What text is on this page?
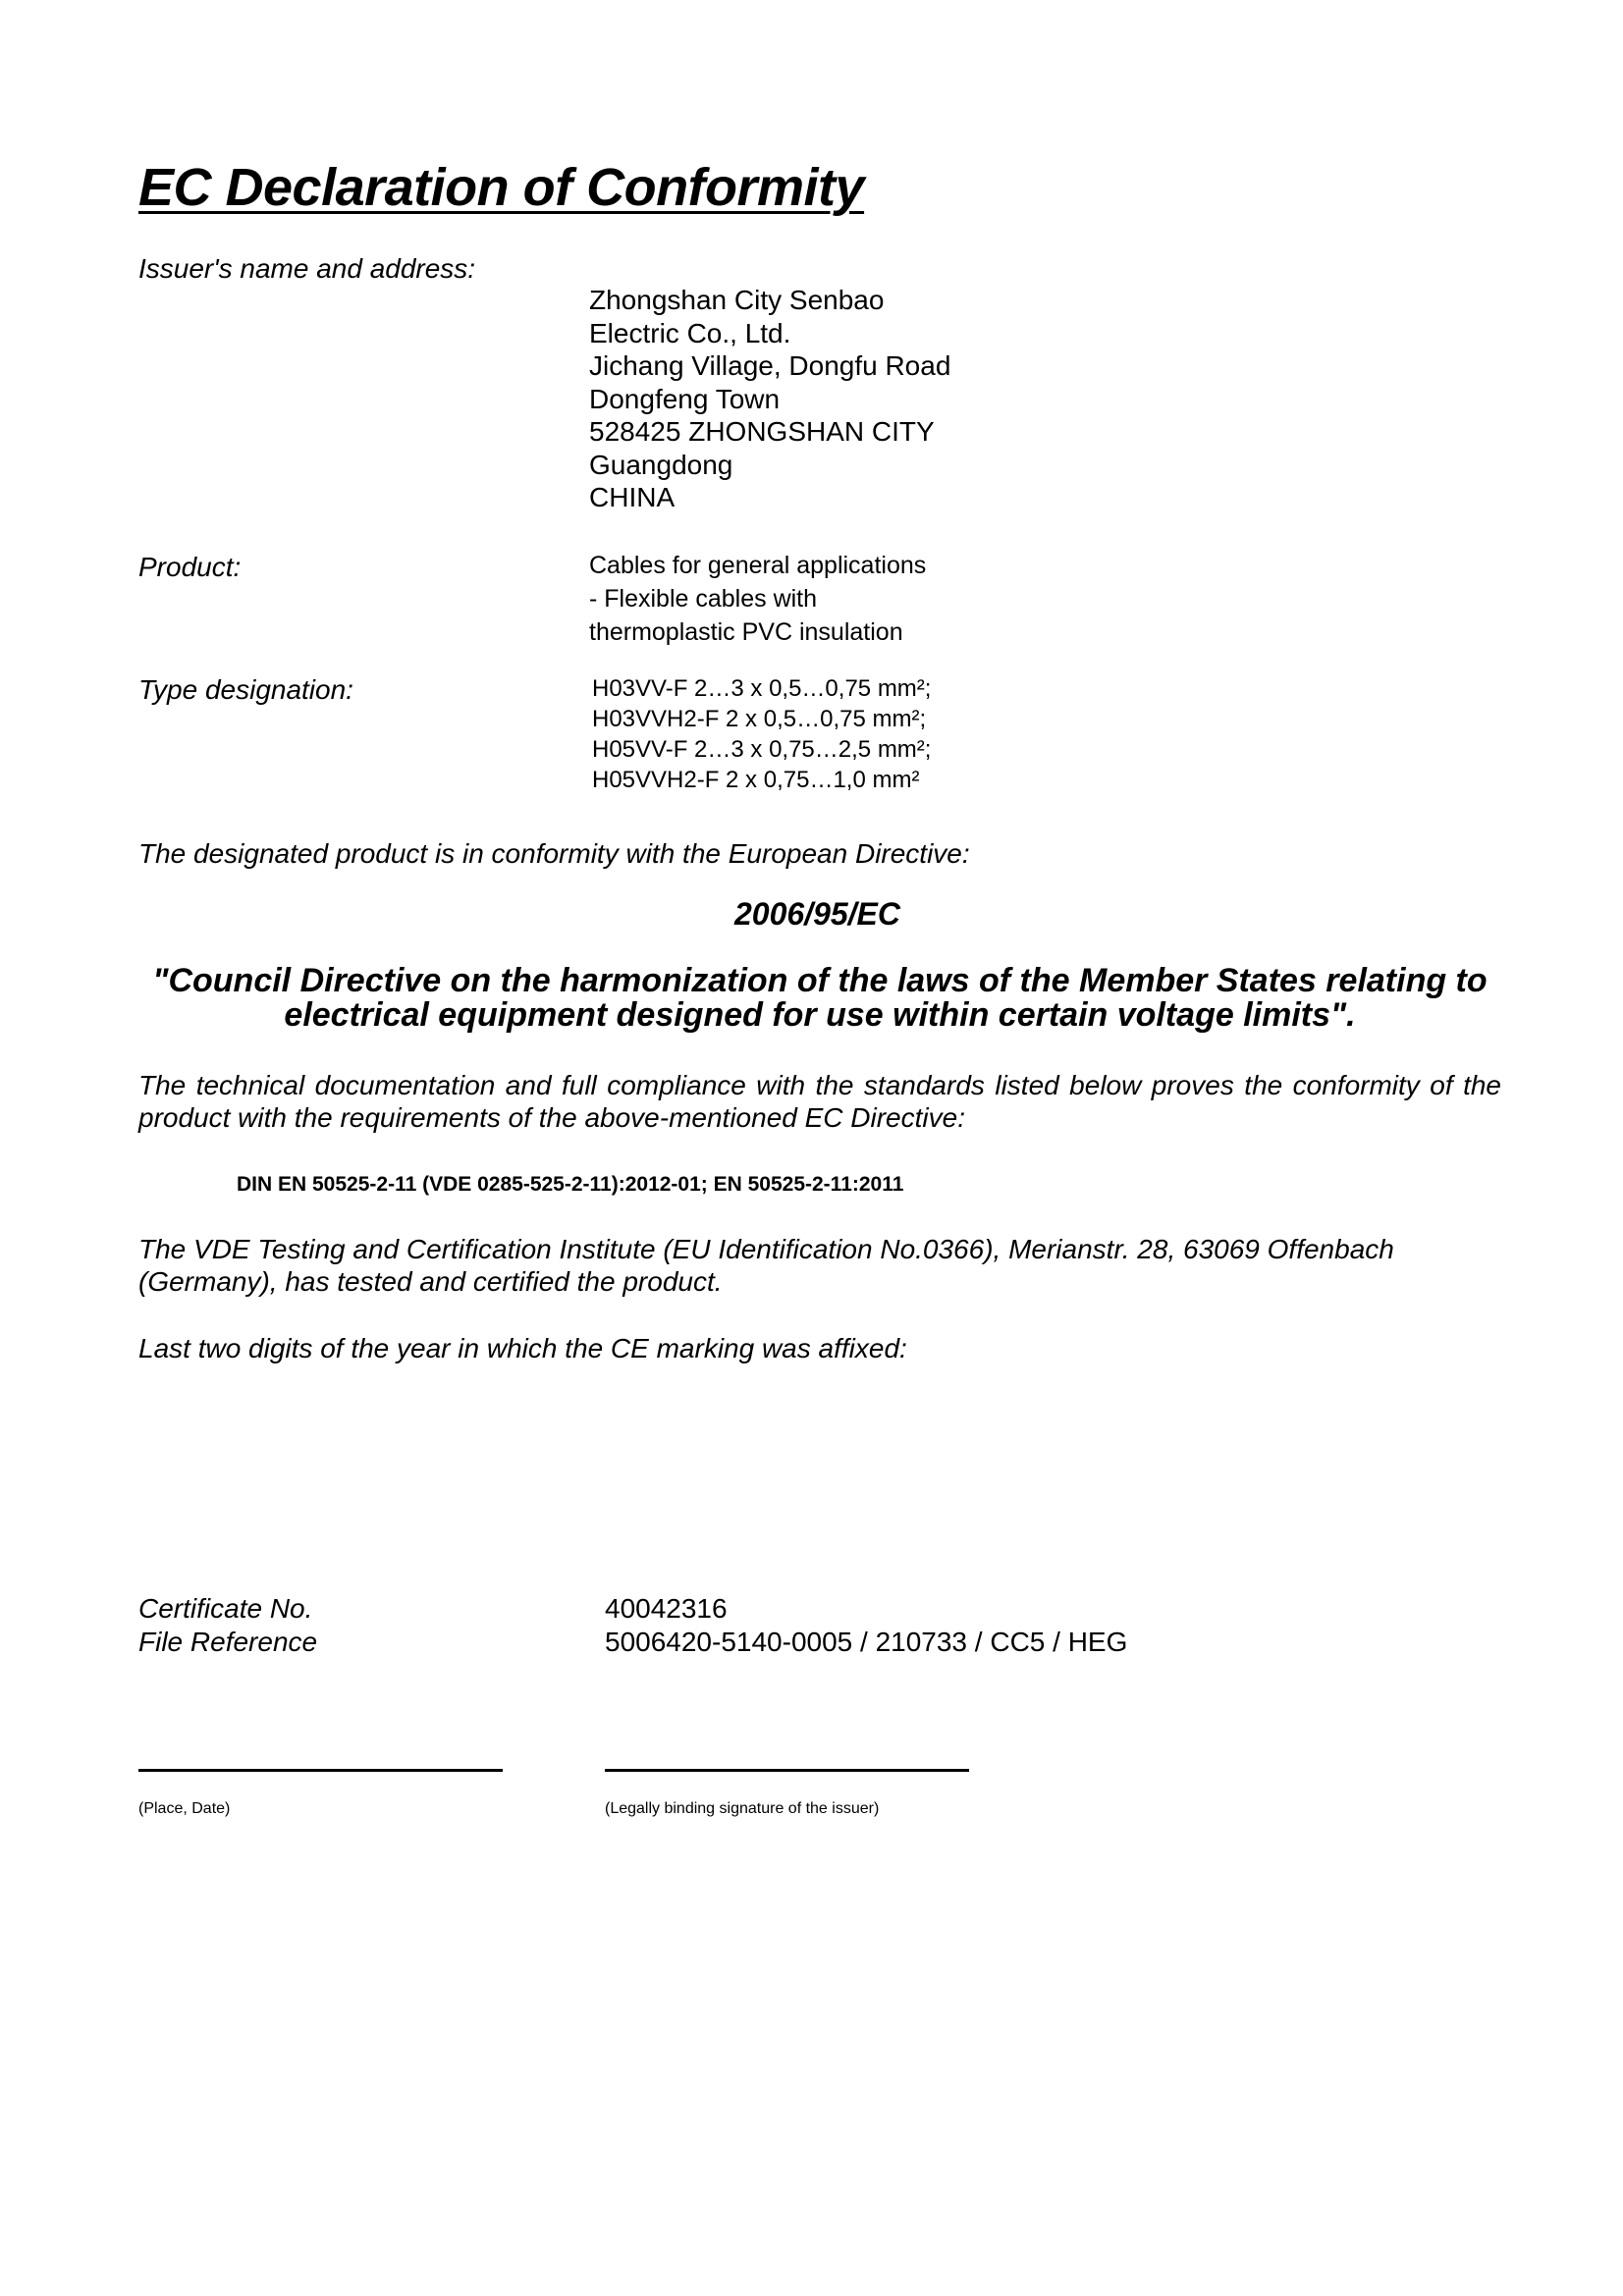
EC Declaration of Conformity
Issuer's name and address:
Zhongshan City Senbao
Electric Co., Ltd.
Jichang Village, Dongfu Road
Dongfeng Town
528425 ZHONGSHAN CITY
Guangdong
CHINA
Product:	Cables for general applications
- Flexible cables with
thermoplastic PVC insulation
Type designation:	H03VV-F 2…3 x 0,5…0,75 mm²;
H03VVH2-F 2 x 0,5…0,75 mm²;
H05VV-F 2…3 x 0,75…2,5 mm²;
H05VVH2-F 2 x 0,75…1,0 mm²
The designated product is in conformity with the European Directive:
2006/95/EC
"Council Directive on the harmonization of the laws of the Member States relating to electrical equipment designed for use within certain voltage limits".
The technical documentation and full compliance with the standards listed below proves the conformity of the product with the requirements of the above-mentioned EC Directive:
DIN EN 50525-2-11 (VDE 0285-525-2-11):2012-01; EN 50525-2-11:2011
The VDE Testing and Certification Institute (EU Identification No.0366), Merianstr. 28, 63069 Offenbach (Germany), has tested and certified the product.
Last two digits of the year in which the CE marking was affixed:
Certificate No.	40042316
File Reference	5006420-5140-0005 / 210733 / CC5 / HEG
(Place, Date)	(Legally binding signature of the issuer)
